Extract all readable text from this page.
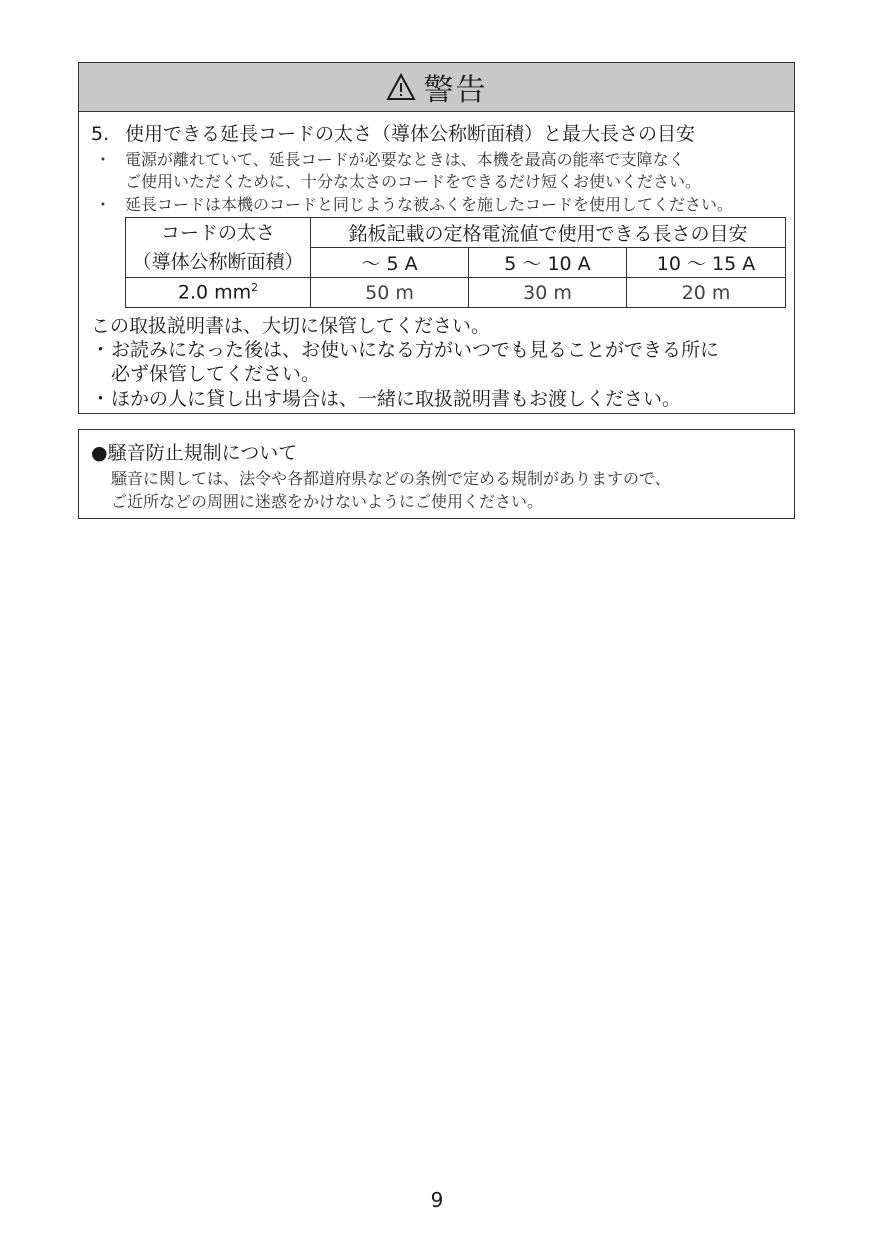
警告
5. 使用できる延長コードの太さ（導体公称断面積）と最大長さの目安
・ 電源が離れていて、延長コードが必要なときは、本機を最高の能率で支障なく
ご使用いただくために、十分な太さのコードをできるだけ短くお使いください。
・ 延長コードは本機のコードと同じような被ふくを施したコードを使用してください。
コードの太さ
（導体公称断面積）	銘板記載の定格電流値で使用できる長さの目安		
	～ 5 A	5 ～ 10 A	10 ～ 15 A
2.0 $mm^2$	50 m	30 m	20 m
この取扱説明書は、大切に保管してください。
・お読みになった後は、お使いになる方がいつでも見ることができる所に
必ず保管してください。
・ほかの人に貸し出す場合は、一緒に取扱説明書もお渡しください。
●騒音防止規制について
騒音に関しては、法令や各都道府県などの条例で定める規制がありますので、
ご近所などの周囲に迷惑をかけないようにご使用ください。
9
